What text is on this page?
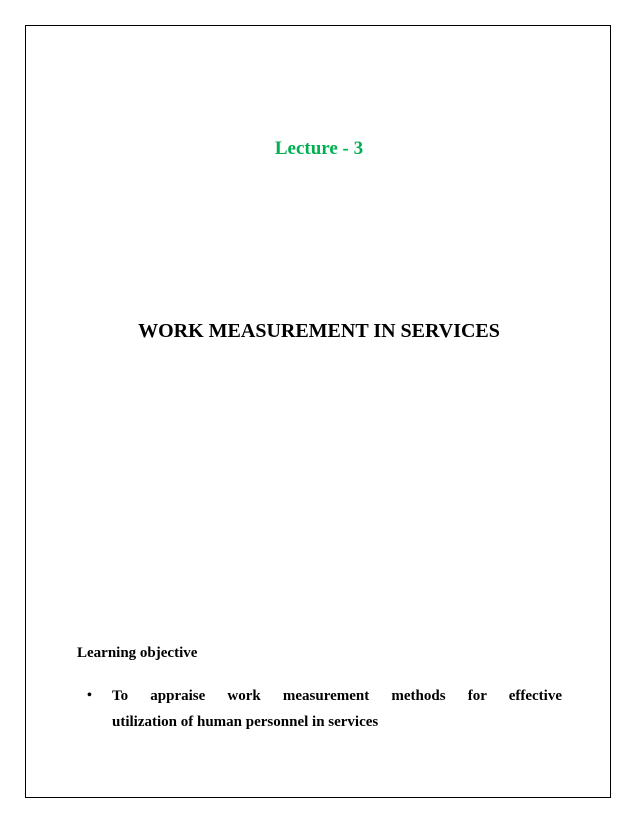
Lecture - 3
WORK MEASUREMENT IN SERVICES
Learning objective
• To appraise work measurement methods for effective
utilization of human personnel in services
